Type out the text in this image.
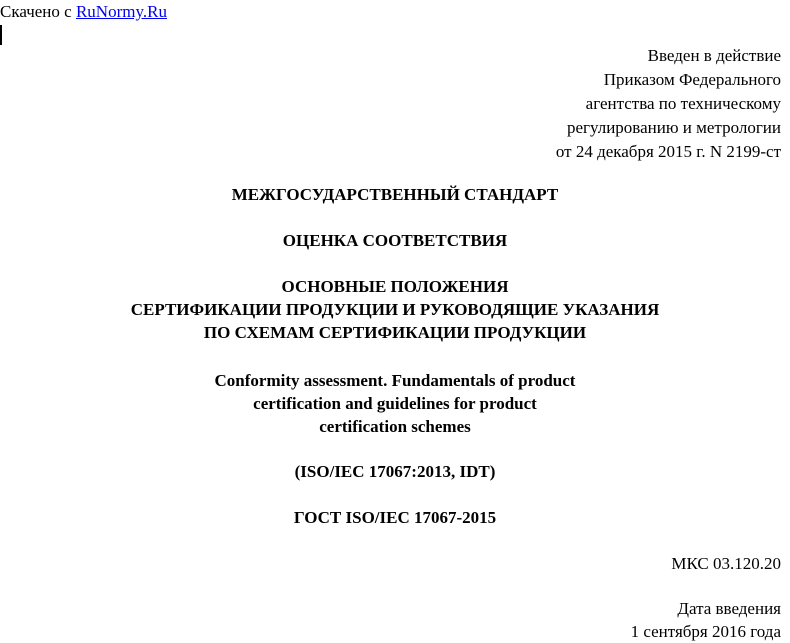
Скачено с RuNormy.Ru
Введен в действие
Приказом Федерального
агентства по техническому
регулированию и метрологии
от 24 декабря 2015 г. N 2199-ст
МЕЖГОСУДАРСТВЕННЫЙ СТАНДАРТ
ОЦЕНКА СООТВЕТСТВИЯ
ОСНОВНЫЕ ПОЛОЖЕНИЯ
СЕРТИФИКАЦИИ ПРОДУКЦИИ И РУКОВОДЯЩИЕ УКАЗАНИЯ
ПО СХЕМАМ СЕРТИФИКАЦИИ ПРОДУКЦИИ
Conformity assessment. Fundamentals of product
certification and guidelines for product
certification schemes
(ISO/IEC 17067:2013, IDT)
ГОСТ ISO/IEC 17067-2015
МКС 03.120.20
Дата введения
1 сентября 2016 года
